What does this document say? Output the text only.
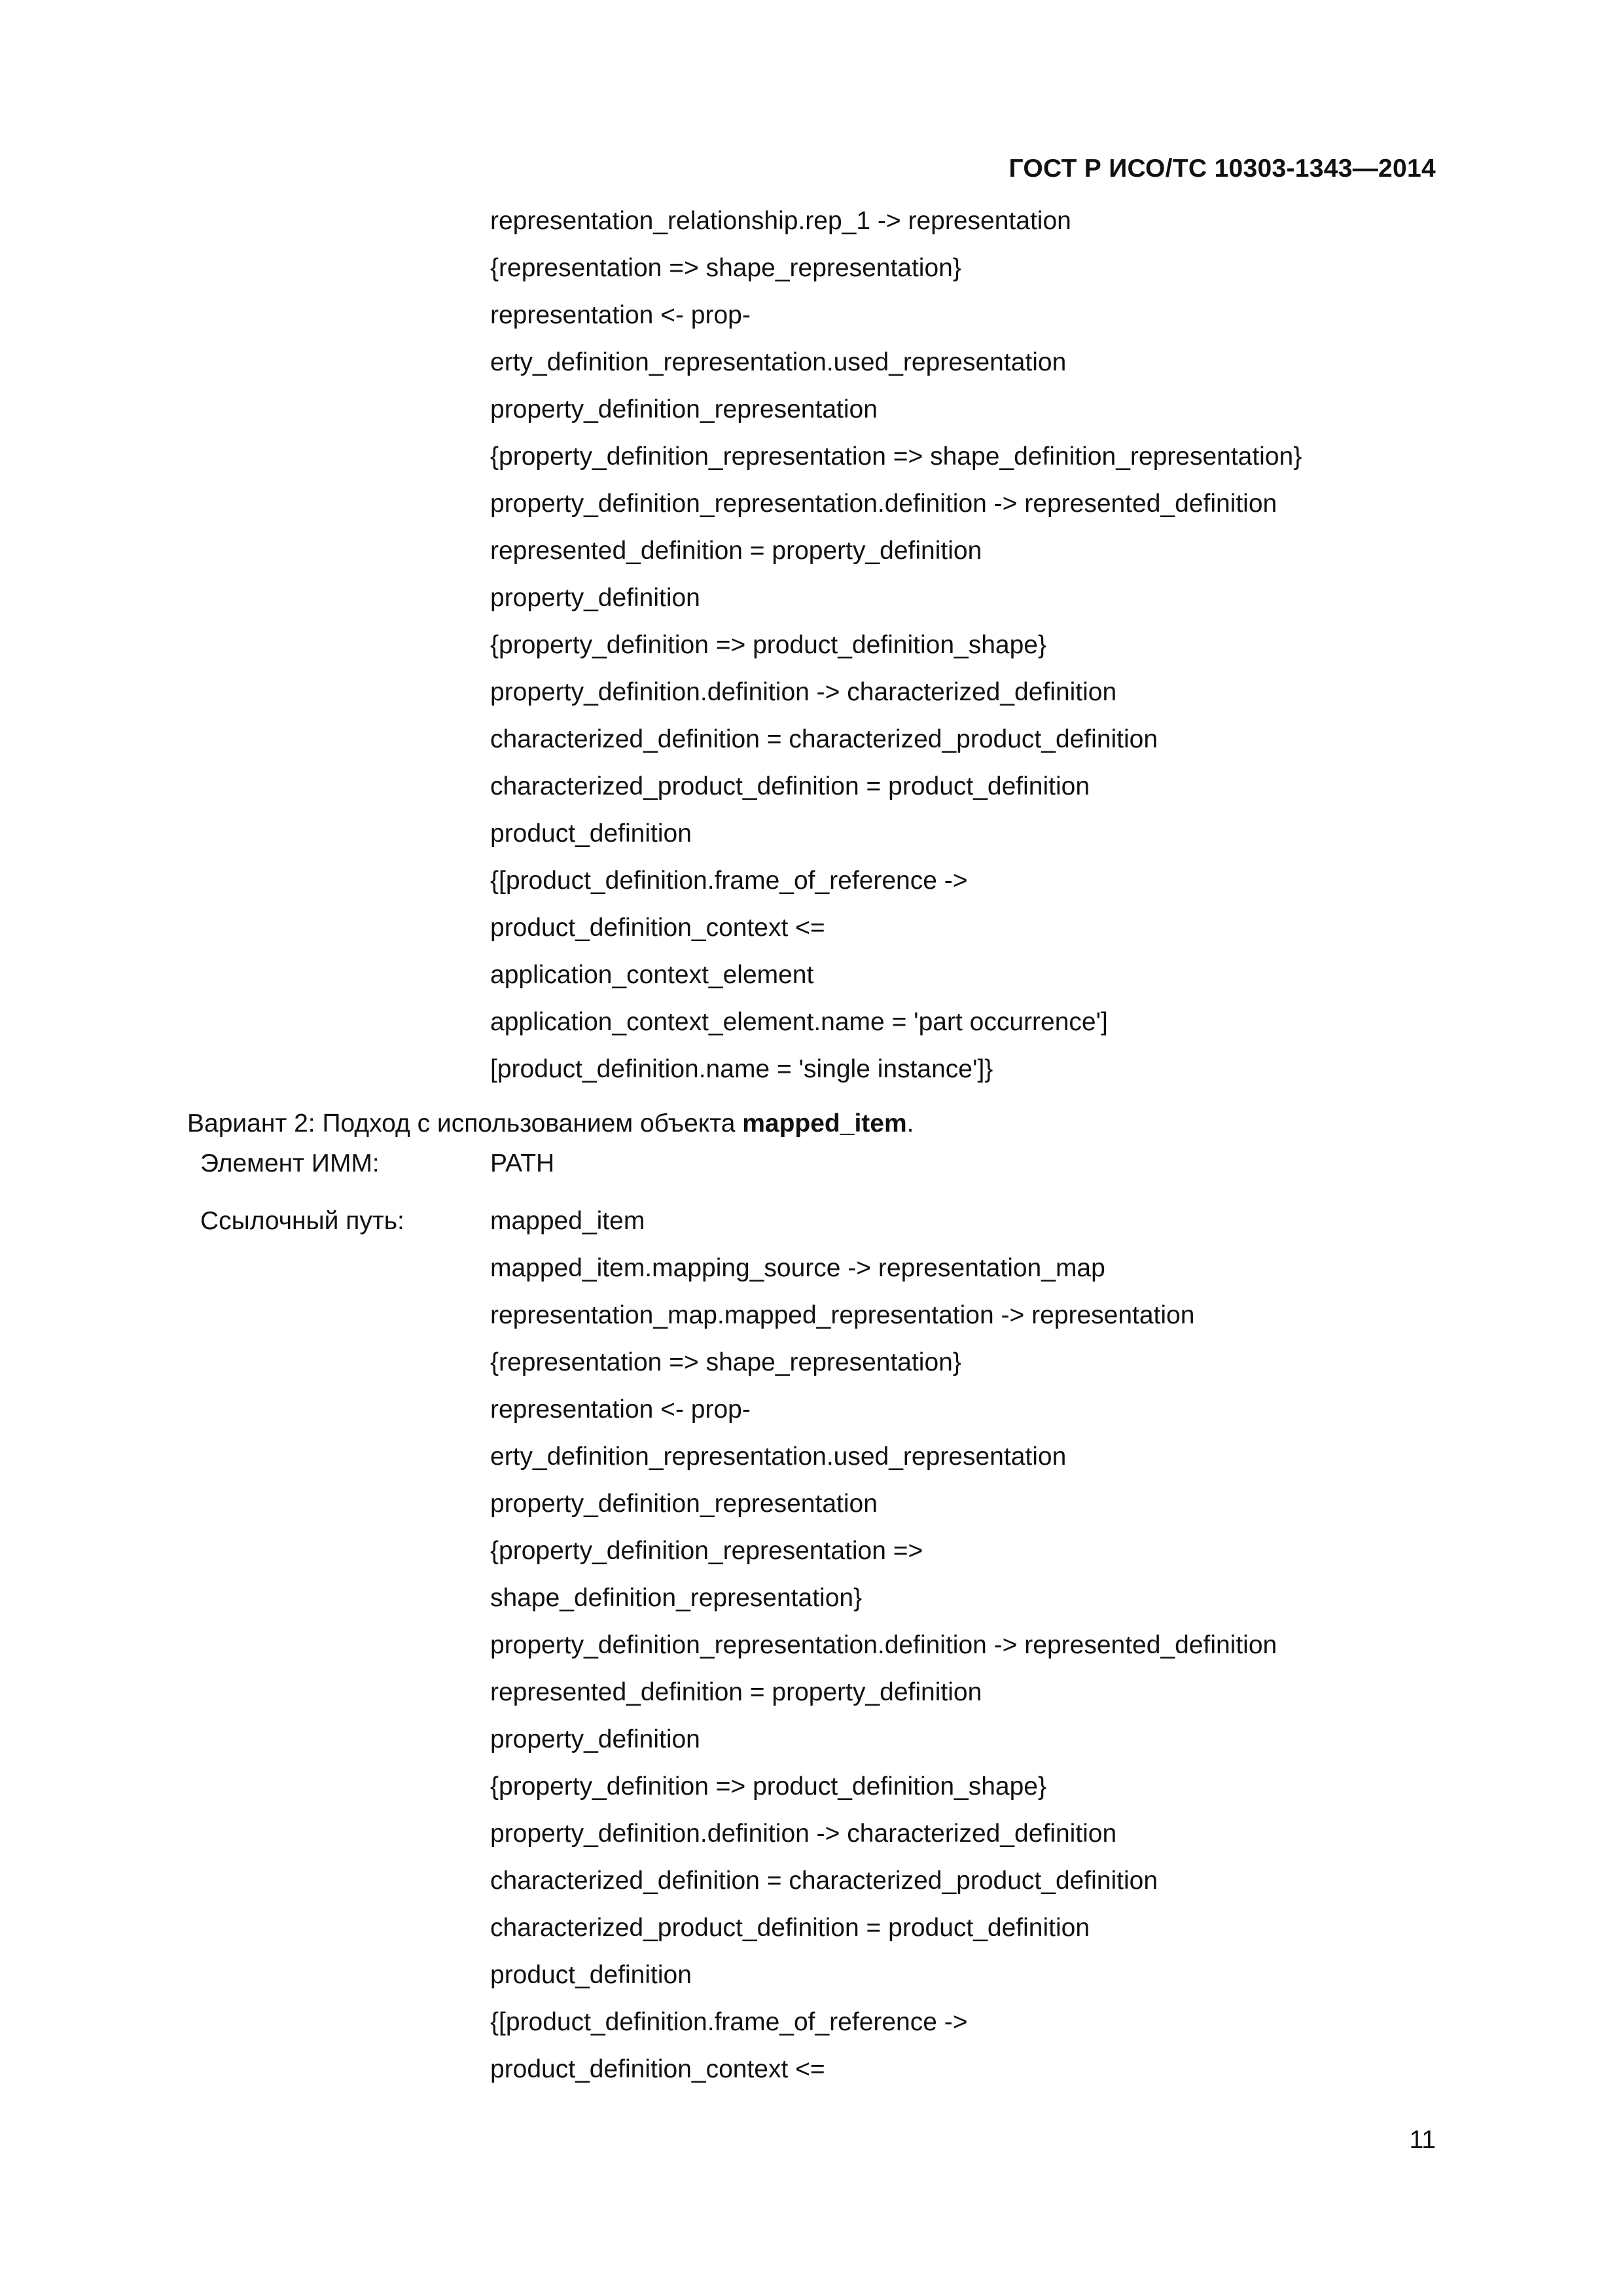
ГОСТ Р ИСО/ТС 10303-1343—2014
representation_relationship.rep_1 -> representation
{representation => shape_representation}
representation <- prop-
erty_definition_representation.used_representation
property_definition_representation
{property_definition_representation => shape_definition_representation}
property_definition_representation.definition -> represented_definition
represented_definition = property_definition
property_definition
{property_definition => product_definition_shape}
property_definition.definition -> characterized_definition
characterized_definition = characterized_product_definition
characterized_product_definition = product_definition
product_definition
{[product_definition.frame_of_reference ->
product_definition_context <=
application_context_element
application_context_element.name = 'part occurrence']
[product_definition.name = 'single instance']}
Вариант 2: Подход с использованием объекта mapped_item.
Элемент ИММ:	PATH
Ссылочный путь:	mapped_item
mapped_item.mapping_source -> representation_map
representation_map.mapped_representation -> representation
{representation => shape_representation}
representation <- prop-
erty_definition_representation.used_representation
property_definition_representation
{property_definition_representation =>
shape_definition_representation}
property_definition_representation.definition -> represented_definition
represented_definition = property_definition
property_definition
{property_definition => product_definition_shape}
property_definition.definition -> characterized_definition
characterized_definition = characterized_product_definition
characterized_product_definition = product_definition
product_definition
{[product_definition.frame_of_reference ->
product_definition_context <=
11
